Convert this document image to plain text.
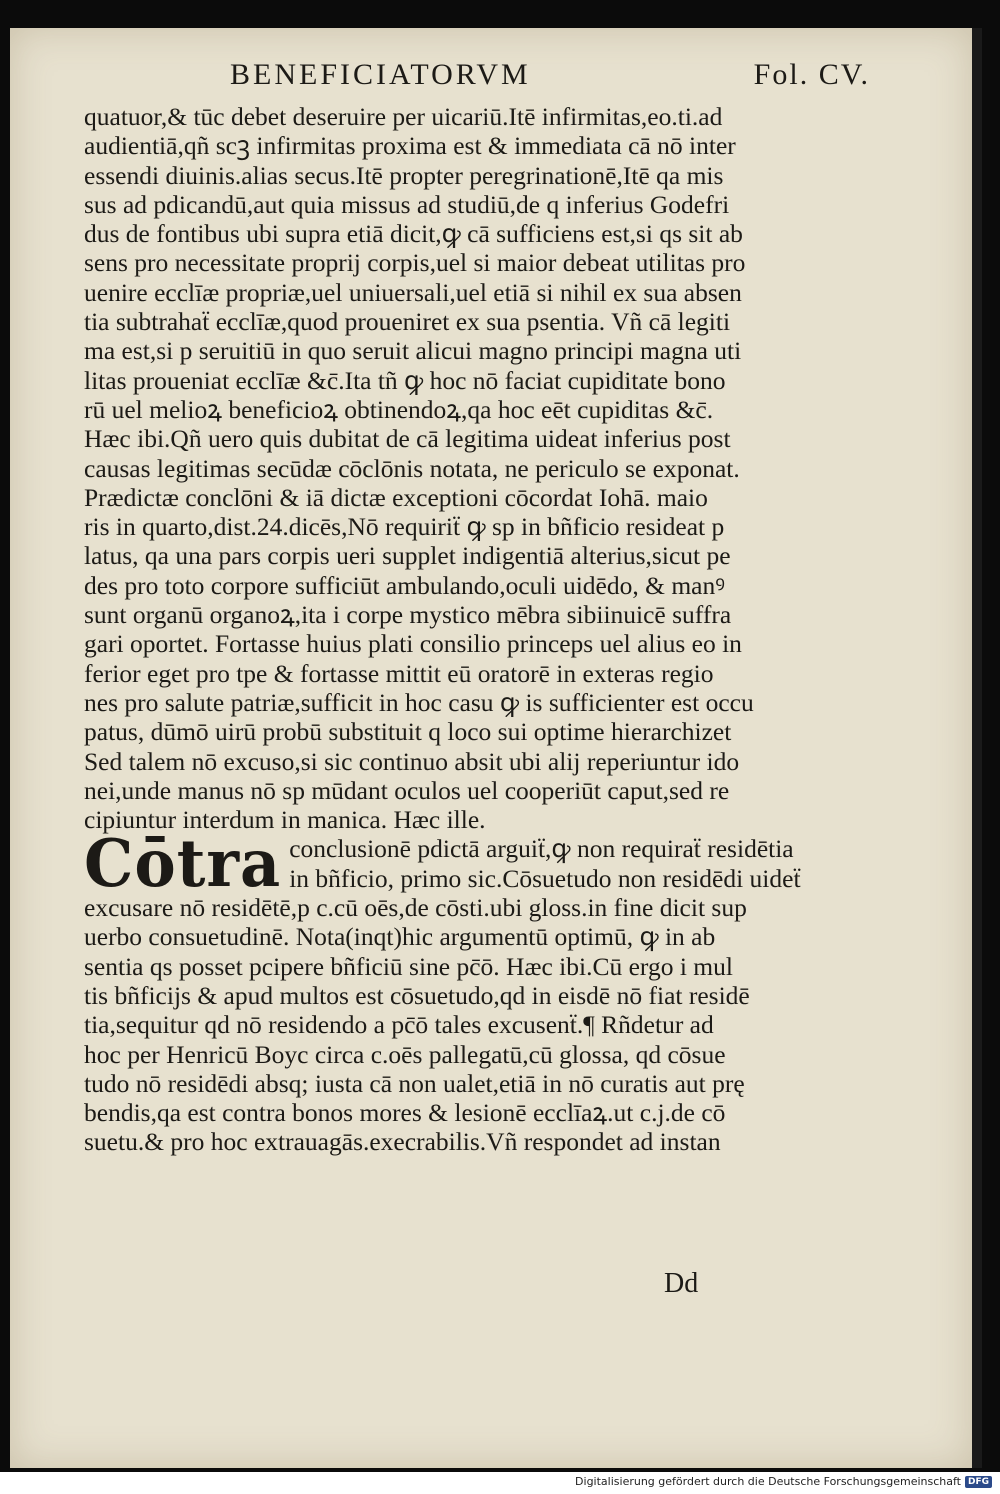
BENEFICIATORVM	Fol. CV.
quatuor,& tūc debet deseruire per uicariū.Itē infirmitas,eo.ti.ad
audientiā,qñ scꝫ infirmitas proxima est & immediata cā nō inter
essendi diuinis.alias secus.Itē propter peregrinationē,Itē qa mis
sus ad pdicandū,aut quia missus ad studiū,de q inferius Godefri
dus de fontibus ubi supra etiā dicit,ꝙ cā sufficiens est,si qs sit ab
sens pro necessitate proprij corpis,uel si maior debeat utilitas pro
uenire ecclīæ propriæ,uel uniuersali,uel etiā si nihil ex sua absen
tia subtrahaẗ ecclīæ,quod proueniret ex sua psentia. Vñ cā legiti
ma est,si p seruitiū in quo seruit alicui magno principi magna uti
litas proueniat ecclīæ &c̄.Ita tñ ꝙ hoc nō faciat cupiditate bono
rū uel melioꝝ beneficioꝝ obtinendoꝝ,qa hoc eēt cupiditas &c̄.
Hæc ibi.Qñ uero quis dubitat de cā legitima uideat inferius post
causas legitimas secūdæ cōclōnis notata, ne periculo se exponat.
Prædictæ conclōni & iā dictæ exceptioni cōcordat Iohā. maio
ris in quarto,dist.24.dicēs,Nō requiriẗ ꝙ sp in bñficio resideat p
latus, qa una pars corpis ueri supplet indigentiā alterius,sicut pe
des pro toto corpore sufficiūt ambulando,oculi uidēdo, & manꝰ
sunt organū organoꝝ,ita i corpe mystico mēbra sibiinuicē suffra
gari oportet. Fortasse huius plati consilio princeps uel alius eo in
ferior eget pro tpe & fortasse mittit eū oratorē in exteras regio
nes pro salute patriæ,sufficit in hoc casu ꝙ is sufficienter est occu
patus, dūmō uirū probū substituit q loco sui optime hierarchizet
Sed talem nō excuso,si sic continuo absit ubi alij reperiuntur ido
nei,unde manus nō sp mūdant oculos uel cooperiūt caput,sed re
cipiuntur interdum in manica. Hæc ille.
Cōtra conclusionē pdictā arguiẗ,ꝙ non requiraẗ residētia
in bñficio, primo sic.Cōsuetudo non residēdi uideẗ
excusare nō residētē,p c.cū oēs,de cōsti.ubi gloss.in fine dicit sup
uerbo consuetudinē. Nota(inqt)hic argumentū optimū, ꝙ in ab
sentia qs posset pcipere bñficiū sine pc̄ō. Hæc ibi.Cū ergo i mul
tis bñficijs & apud multos est cōsuetudo,qd in eisdē nō fiat residē
tia,sequitur qd nō residendo a pc̄ō tales excusenẗ.¶ Rñdetur ad
hoc per Henricū Boyc circa c.oēs pallegatū,cū glossa, qd cōsue
tudo nō residēdi absq; iusta cā non ualet,etiā in nō curatis aut prę
bendis,qa est contra bonos mores & lesionē ecclīaꝝ.ut c.j.de cō
suetu.& pro hoc extrauagās.execrabilis.Vñ respondet ad instan
Dd
Digitalisierung gefördert durch die Deutsche Forschungsgemeinschaft DFG
